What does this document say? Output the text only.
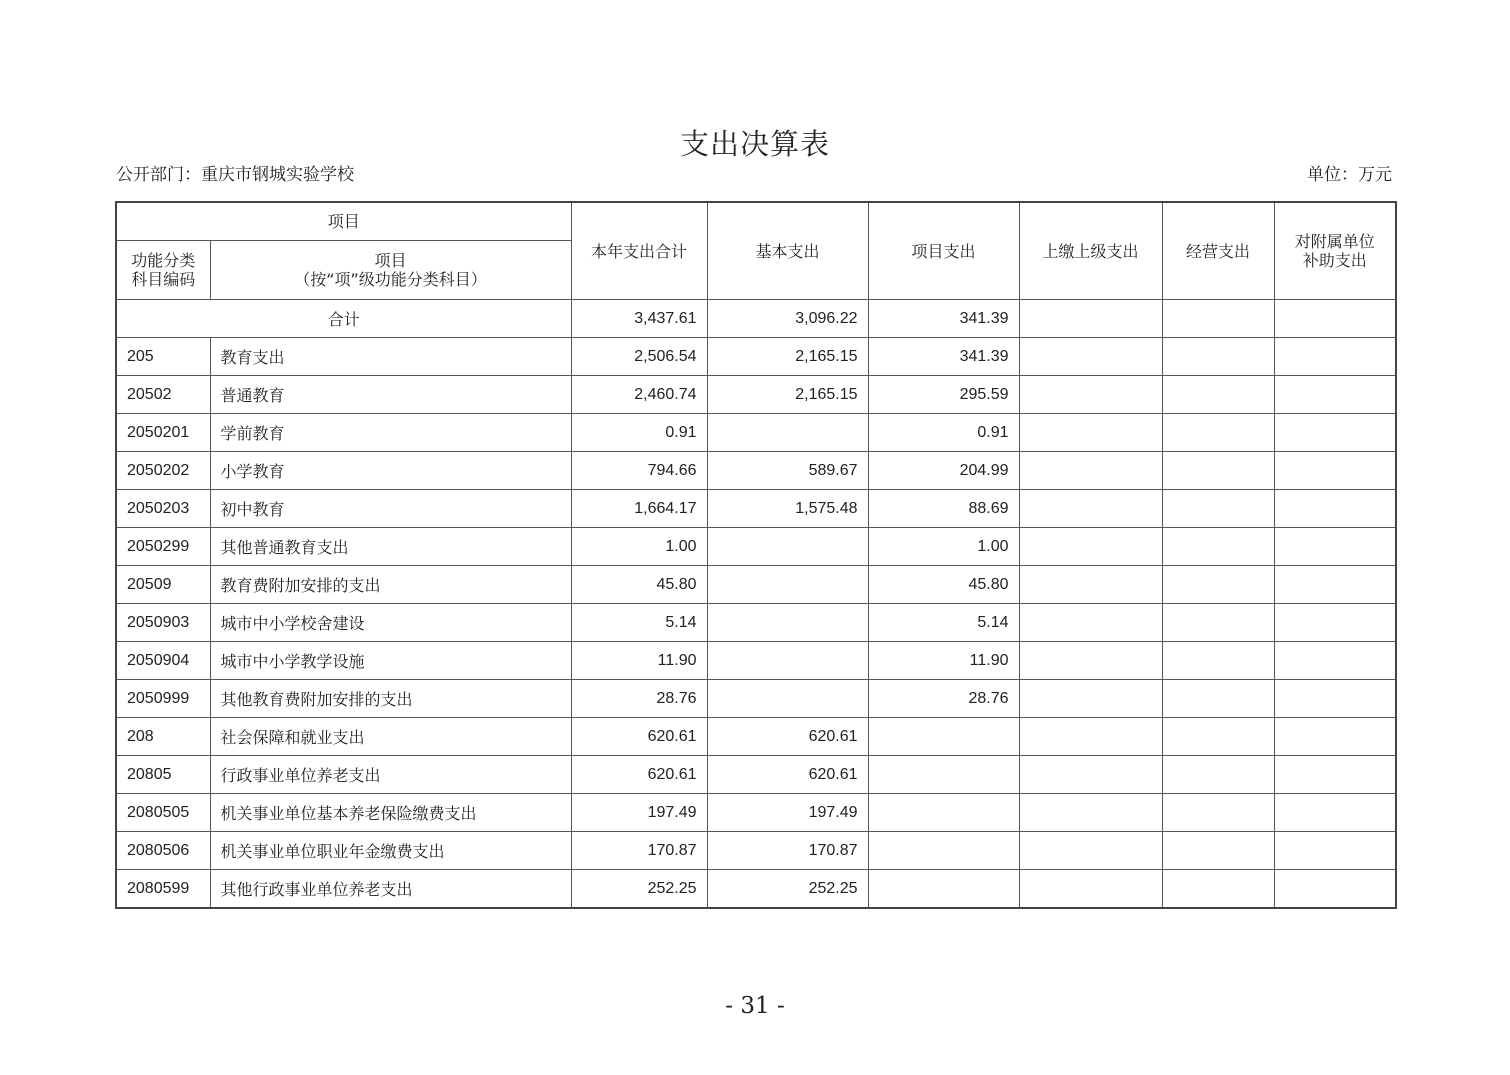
支出决算表
公开部门：重庆市钢城实验学校	单位：万元
项目		本年支出合计	基本支出	项目支出	上缴上级支出	经营支出	对附属单位
补助支出
功能分类
科目编码	项目
（按“项”级功能分类科目）						
合计		3,437.61	3,096.22	341.39			
205	教育支出	2,506.54	2,165.15	341.39			
20502	普通教育	2,460.74	2,165.15	295.59			
2050201	学前教育	0.91		0.91			
2050202	小学教育	794.66	589.67	204.99			
2050203	初中教育	1,664.17	1,575.48	88.69			
2050299	其他普通教育支出	1.00		1.00			
20509	教育费附加安排的支出	45.80		45.80			
2050903	城市中小学校舍建设	5.14		5.14			
2050904	城市中小学教学设施	11.90		11.90			
2050999	其他教育费附加安排的支出	28.76		28.76			
208	社会保障和就业支出	620.61	620.61				
20805	行政事业单位养老支出	620.61	620.61				
2080505	机关事业单位基本养老保险缴费支出	197.49	197.49				
2080506	机关事业单位职业年金缴费支出	170.87	170.87				
2080599	其他行政事业单位养老支出	252.25	252.25				
- 31 -
